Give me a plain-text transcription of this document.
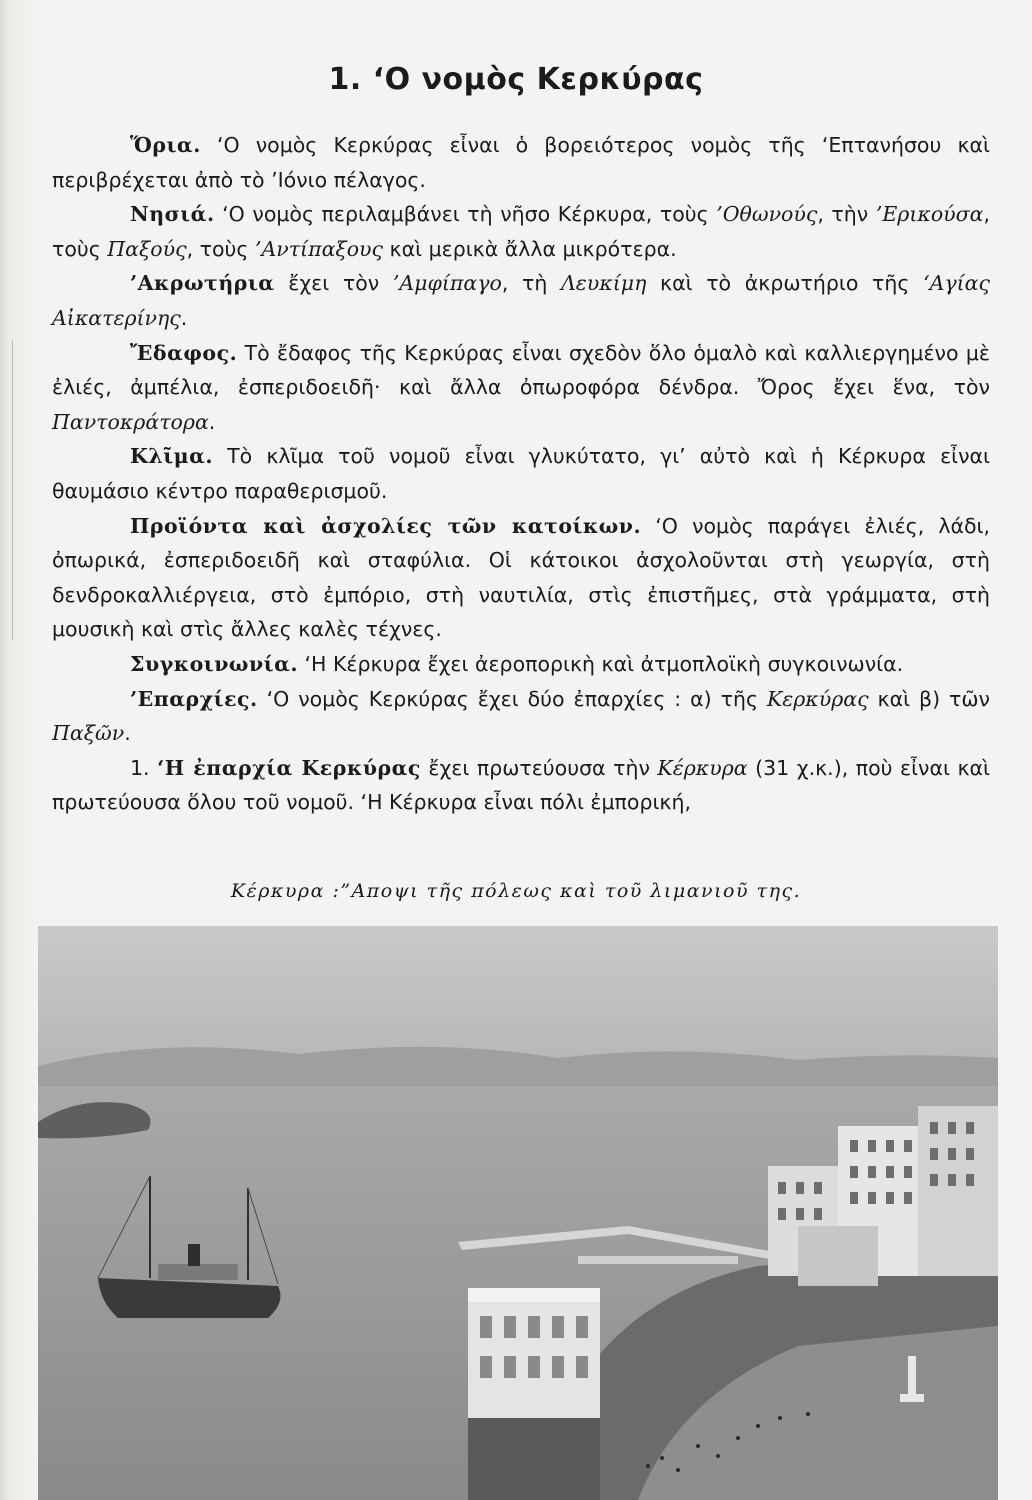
1. ‘Ο νομὸς Κερκύρας

Ὅρια. ‘Ο νομὸς Κερκύρας εἶναι ὁ βορειότερος νομὸς τῆς ‘Επτανήσου καὶ περιβρέχεται ἀπὸ τὸ ’Ιόνιο πέλαγος.

Νησιά. ‘Ο νομὸς περιλαμβάνει τὴ νῆσο Κέρκυρα, τοὺς ’Οθωνούς, τὴν ’Ερικούσα, τοὺς Παξούς, τοὺς ’Αντίπαξους καὶ μερικὰ ἄλλα μικρότερα.

’Ακρωτήρια ἔχει τὸν ’Αμφίπαγο, τὴ Λευκίμη καὶ τὸ ἀκρωτήριο τῆς ‘Αγίας Αἰκατερίνης.

Ἔδαφος. Τὸ ἔδαφος τῆς Κερκύρας εἶναι σχεδὸν ὅλο ὁμαλὸ καὶ καλλιεργημένο μὲ ἐλιές, ἀμπέλια, ἐσπεριδοειδῆ· καὶ ἄλλα ὀπωροφόρα δένδρα. Ὄρος ἔχει ἕνα, τὸν Παντοκράτορα.

Κλῖμα. Τὸ κλῖμα τοῦ νομοῦ εἶναι γλυκύτατο, γι’ αὐτὸ καὶ ἡ Κέρκυρα εἶναι θαυμάσιο κέντρο παραθερισμοῦ.

Προϊόντα καὶ ἀσχολίες τῶν κατοίκων. ‘Ο νομὸς παράγει ἐλιές, λάδι, ὀπωρικά, ἐσπεριδοειδῆ καὶ σταφύλια. Οἱ κάτοικοι ἀσχολοῦνται στὴ γεωργία, στὴ δενδροκαλλιέργεια, στὸ ἐμπόριο, στὴ ναυτιλία, στὶς ἐπιστῆμες, στὰ γράμματα, στὴ μουσικὴ καὶ στὶς ἄλλες καλὲς τέχνες.

Συγκοινωνία. ‘Η Κέρκυρα ἔχει ἀεροπορικὴ καὶ ἀτμοπλοϊκὴ συγκοινωνία.

’Επαρχίες. ‘Ο νομὸς Κερκύρας ἔχει δύο ἐπαρχίες : α) τῆς Κερκύρας καὶ β) τῶν Παξῶν.

1. ‘Η ἐπαρχία Κερκύρας ἔχει πρωτεύουσα τὴν Κέρκυρα (31 χ.κ.), ποὺ εἶναι καὶ πρωτεύουσα ὅλου τοῦ νομοῦ. ‘Η Κέρκυρα εἶναι πόλι ἐμπορική,

Κέρκυρα :”Αποψι τῆς πόλεως καὶ τοῦ λιμανιοῦ της.
